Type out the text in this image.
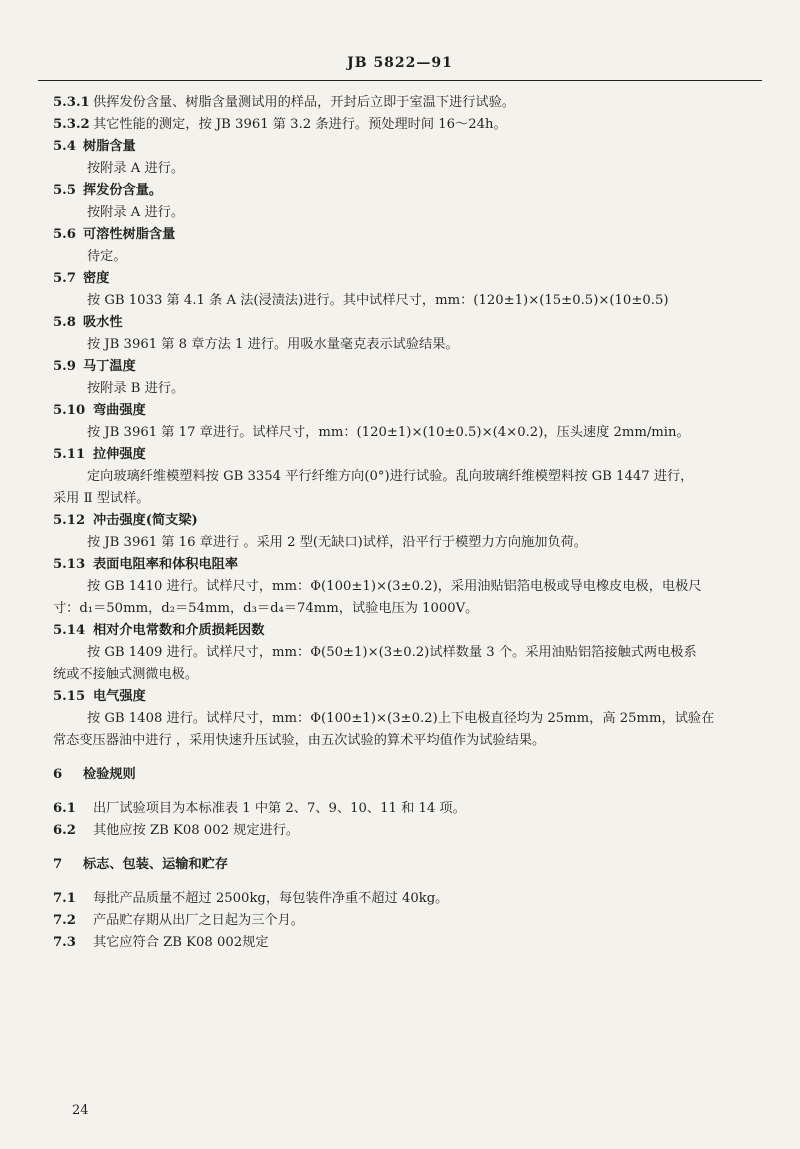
JB 5822—91
5.3.1 供挥发份含量、树脂含量测试用的样品，开封后立即于室温下进行试验。
5.3.2 其它性能的测定，按 JB 3961 第 3.2 条进行。预处理时间 16～24h。
5.4 树脂含量
按附录 A 进行。
5.5 挥发份含量。
按附录 A 进行。
5.6 可溶性树脂含量
待定。
5.7 密度
按 GB 1033 第 4.1 条 A 法(浸渍法)进行。其中试样尺寸，mm：(120±1)×(15±0.5)×(10±0.5)
5.8 吸水性
按 JB 3961 第 8 章方法 1 进行。用吸水量毫克表示试验结果。
5.9 马丁温度
按附录 B 进行。
5.10 弯曲强度
按 JB 3961 第 17 章进行。试样尺寸，mm：(120±1)×(10±0.5)×(4×0.2)，压头速度 2mm/min。
5.11 拉伸强度
定向玻璃纤维模塑料按 GB 3354 平行纤维方向(0°)进行试验。乱向玻璃纤维模塑料按 GB 1447 进行，
采用 Ⅱ 型试样。
5.12 冲击强度(简支梁)
按 JB 3961 第 16 章进行 。采用 2 型(无缺口)试样，沿平行于模塑力方向施加负荷。
5.13 表面电阻率和体积电阻率
按 GB 1410 进行。试样尺寸，mm：Φ(100±1)×(3±0.2)，采用油贴铝箔电极或导电橡皮电极，电极尺
寸：d₁＝50mm，d₂＝54mm，d₃＝d₄＝74mm，试验电压为 1000V。
5.14 相对介电常数和介质损耗因数
按 GB 1409 进行。试样尺寸，mm：Φ(50±1)×(3±0.2)试样数量 3 个。采用油贴铝箔接触式两电极系
统或不接触式测微电极。
5.15 电气强度
按 GB 1408 进行。试样尺寸，mm：Φ(100±1)×(3±0.2)上下电极直径均为 25mm，高 25mm，试验在
常态变压器油中进行 ，采用快速升压试验，由五次试验的算术平均值作为试验结果。
6 检验规则
6.1 出厂试验项目为本标准表 1 中第 2、7、9、10、11 和 14 项。
6.2 其他应按 ZB K08 002 规定进行。
7 标志、包装、运输和贮存
7.1 每批产品质量不超过 2500kg，每包装件净重不超过 40kg。
7.2 产品贮存期从出厂之日起为三个月。
7.3 其它应符合 ZB K08 002规定
24
